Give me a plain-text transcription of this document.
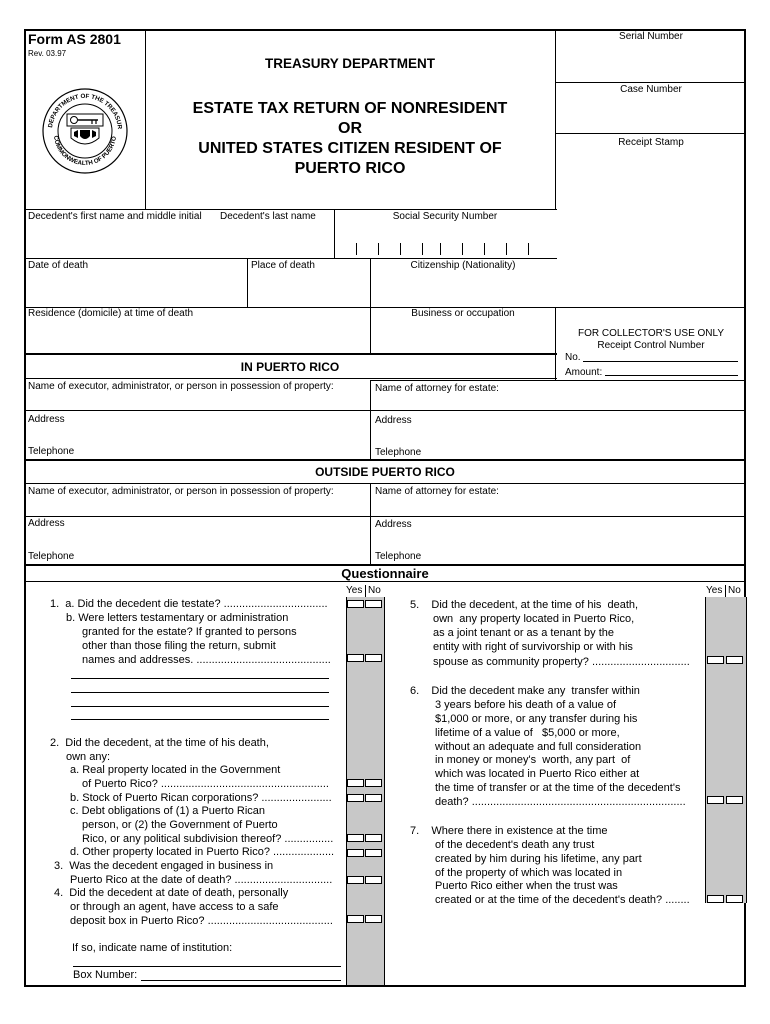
Form AS 2801
Rev. 03.97
DEPARTMENT OF THE TREASUR
COMMONWEALTH OF PUERTO
TREASURY DEPARTMENT
ESTATE TAX RETURN OF NONRESIDENT
OR
UNITED STATES CITIZEN RESIDENT OF
PUERTO RICO
Serial Number
Case Number
Receipt Stamp
Decedent's first name and middle initial Decedent's last name	Social Security Number
Date of death	Place of death	Citizenship (Nationality)
Residence (domicile) at time of death	Business or occupation
FOR COLLECTOR'S USE ONLY
Receipt Control Number
No.
Amount:
IN PUERTO RICO
Name of executor, administrator, or person in possession of property:	Name of attorney for estate:
Address	Address
Telephone	Telephone
OUTSIDE PUERTO RICO
Name of executor, administrator, or person in possession of property:	Name of attorney for estate:
Address	Address
Telephone	Telephone
Questionnaire
Yes No	Yes No
1.  a. Did the decedent die testate? ..................................
b. Were letters testamentary or administration
granted for the estate? If granted to persons
other than those filing the return, submit
names and addresses. ............................................
2.  Did the decedent, at the time of his death,
own any:
a. Real property located in the Government
of Puerto Rico? .......................................................
b. Stock of Puerto Rican corporations? .......................
c. Debt obligations of (1) a Puerto Rican
person, or (2) the Government of Puerto
Rico, or any political subdivision thereof? ................
d. Other property located in Puerto Rico? ....................
3.  Was the decedent engaged in business in
Puerto Rico at the date of death? ................................
4.  Did the decedent at date of death, personally
or through an agent, have access to a safe
deposit box in Puerto Rico? .........................................
If so, indicate name of institution:
Box Number:
5.    Did the decedent, at the time of his  death,
own  any property located in Puerto Rico,
as a joint tenant or as a tenant by the
entity with right of survivorship or with his
spouse as community property? ................................
6.    Did the decedent make any  transfer within
3 years before his death of a value of
$1,000 or more, or any transfer during his
lifetime of a value of   $5,000 or more,
without an adequate and full consideration
in money or money's  worth, any part  of
which was located in Puerto Rico either at
the time of transfer or at the time of the decedent's
death? ......................................................................
7.    Where there in existence at the time
of the decedent's death any trust
created by him during his lifetime, any part
of the property of which was located in
Puerto Rico either when the trust was
created or at the time of the decedent's death? ........
